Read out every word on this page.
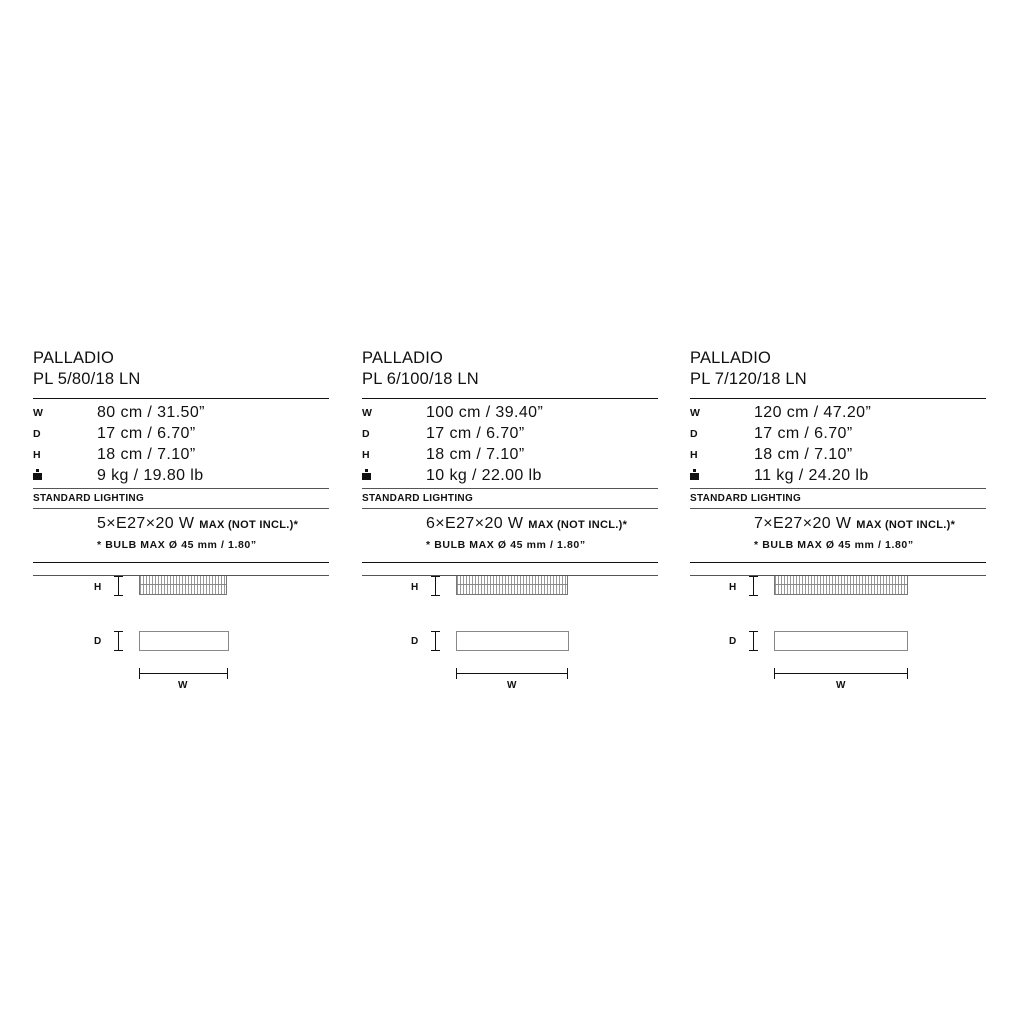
PALLADIO
PL 5/80/18 LN
W	80 cm / 31.50”
D	17 cm / 6.70”
H	18 cm / 7.10”
9 kg / 19.80 lb
STANDARD LIGHTING
5×E27×20 W MAX (NOT INCL.)*
* BULB MAX Ø 45 mm / 1.80”
H
D
W
PALLADIO
PL 6/100/18 LN
W	100 cm / 39.40”
D	17 cm / 6.70”
H	18 cm / 7.10”
10 kg / 22.00 lb
STANDARD LIGHTING
6×E27×20 W MAX (NOT INCL.)*
* BULB MAX Ø 45 mm / 1.80”
H
D
W
PALLADIO
PL 7/120/18 LN
W	120 cm / 47.20”
D	17 cm / 6.70”
H	18 cm / 7.10”
11 kg / 24.20 lb
STANDARD LIGHTING
7×E27×20 W MAX (NOT INCL.)*
* BULB MAX Ø 45 mm / 1.80”
H
D
W
